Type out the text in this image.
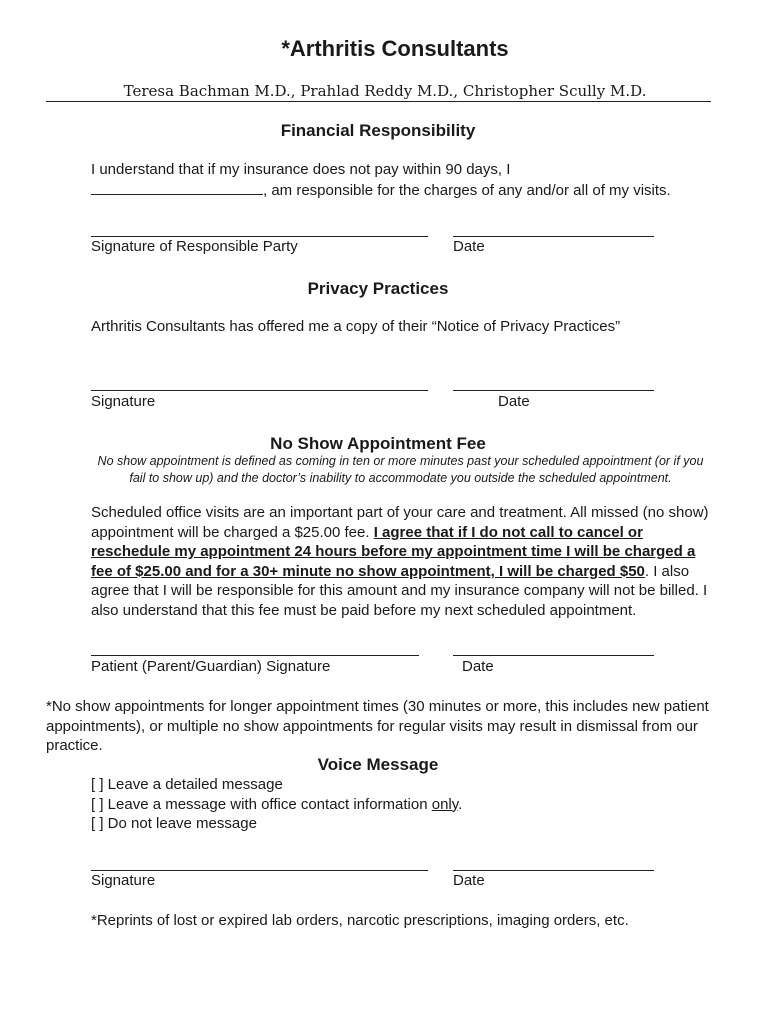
*Arthritis Consultants
Teresa Bachman M.D., Prahlad Reddy M.D., Christopher Scully M.D.
Financial Responsibility
I understand that if my insurance does not pay within 90 days, I
, am responsible for the charges of any and/or all of my visits.
Signature of Responsible Party	Date
Privacy Practices
Arthritis Consultants has offered me a copy of their “Notice of Privacy Practices”
Signature	Date
No Show Appointment Fee
No show appointment is defined as coming in ten or more minutes past your scheduled appointment (or if you fail to show up) and the doctor’s inability to accommodate you outside the scheduled appointment.
Scheduled office visits are an important part of your care and treatment. All missed (no show) appointment will be charged a $25.00 fee. I agree that if I do not call to cancel or reschedule my appointment 24 hours before my appointment time I will be charged a fee of $25.00 and for a 30+ minute no show appointment, I will be charged $50. I also agree that I will be responsible for this amount and my insurance company will not be billed. I also understand that this fee must be paid before my next scheduled appointment.
Patient (Parent/Guardian) Signature	Date
*No show appointments for longer appointment times (30 minutes or more, this includes new patient appointments), or multiple no show appointments for regular visits may result in dismissal from our practice.
Voice Message
[ ] Leave a detailed message
[ ] Leave a message with office contact information only.
[ ] Do not leave message
Signature	Date
*Reprints of lost or expired lab orders, narcotic prescriptions, imaging orders, etc.
